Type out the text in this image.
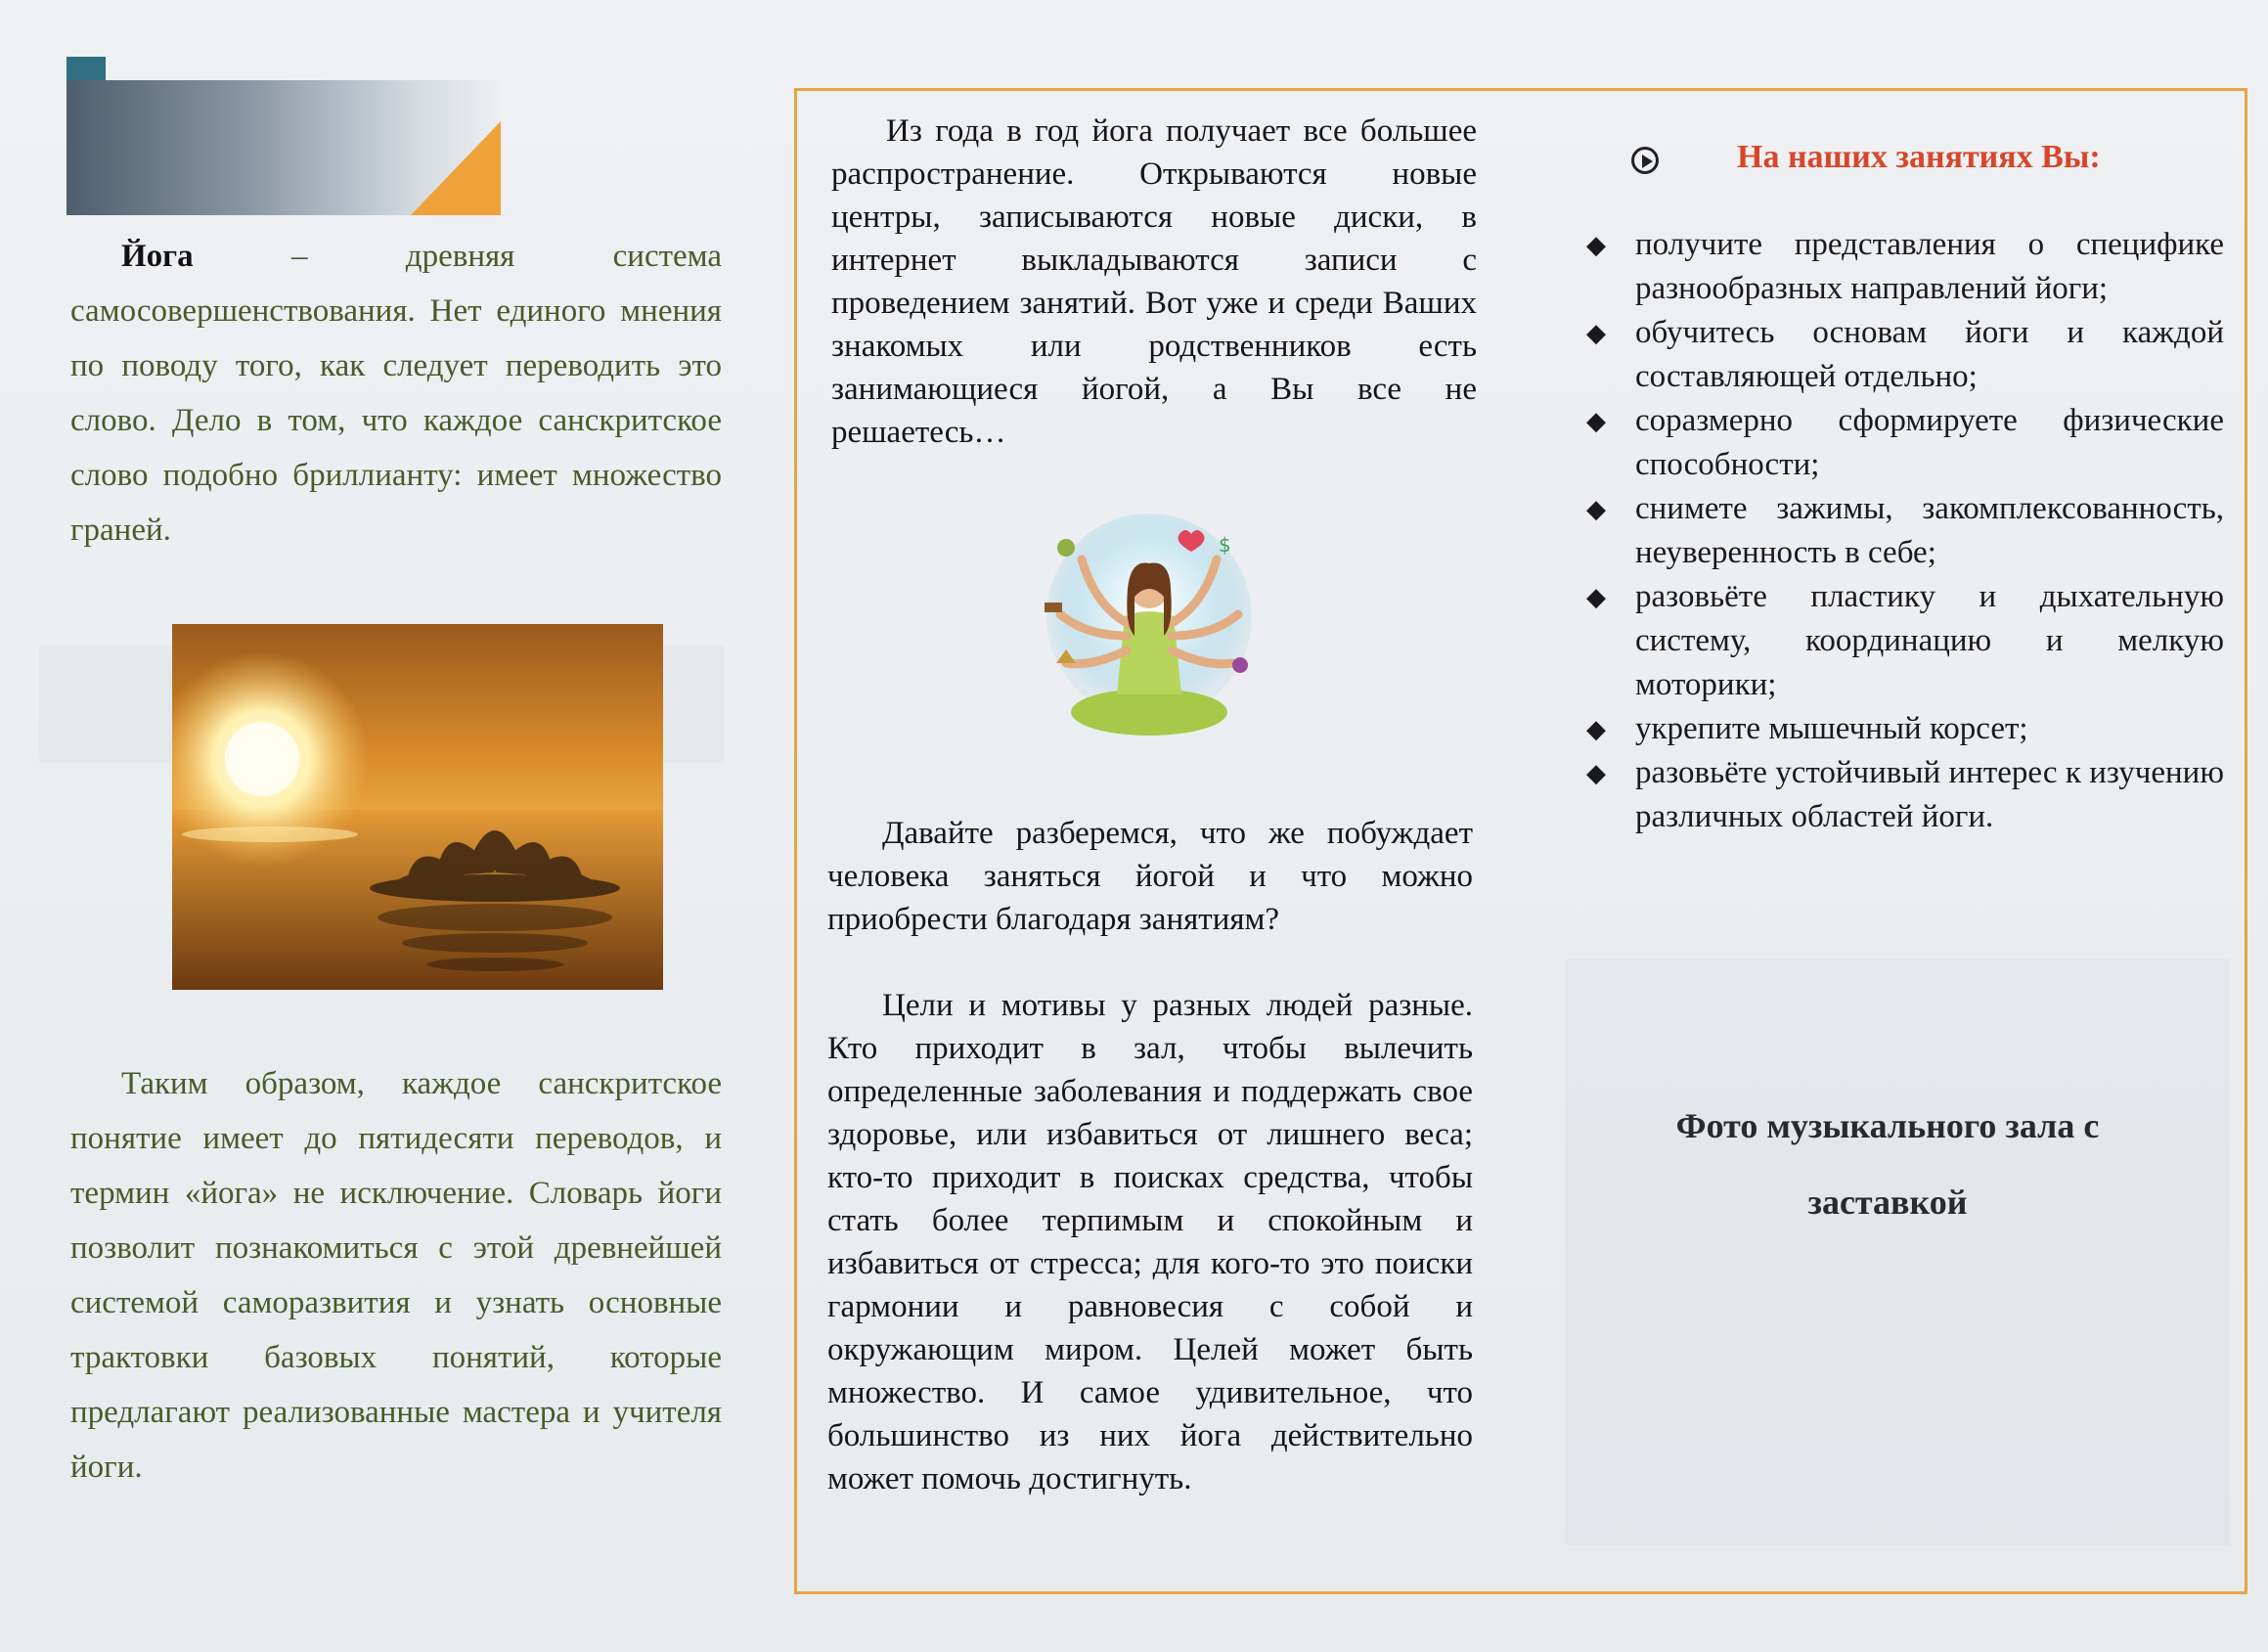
Йога – древняя система самосовершенствования. Нет единого мнения по поводу того, как следует переводить это слово. Дело в том, что каждое санскритское слово подобно бриллианту: имеет множество граней.

Таким образом, каждое санскритское понятие имеет до пятидесяти переводов, и термин «йога» не исключение. Словарь йоги позволит познакомиться с этой древнейшей системой саморазвития и узнать основные трактовки базовых понятий, которые предлагают реализованные мастера и учителя йоги.

Из года в год йога получает все большее распространение. Открываются новые центры, записываются новые диски, в интернет выкладываются записи с проведением занятий. Вот уже и среди Ваших знакомых или родственников есть занимающиеся йогой, а Вы все не решаетесь…

$

Давайте разберемся, что же побуждает человека заняться йогой и что можно приобрести благодаря занятиям?

Цели и мотивы у разных людей разные. Кто приходит в зал, чтобы вылечить определенные заболевания и поддержать свое здоровье, или избавиться от лишнего веса; кто-то приходит в поисках средства, чтобы стать более терпимым и спокойным и избавиться от стресса; для кого-то это поиски гармонии и равновесия с собой и окружающим миром. Целей может быть множество. И самое удивительное, что большинство из них йога действительно может помочь достигнуть.

На наших занятиях Вы:

◆ получите представления о специфике разнообразных направлений йоги;
◆ обучитесь основам йоги и каждой составляющей отдельно;
◆ соразмерно сформируете физические способности;
◆ снимете зажимы, закомплексованность, неуверенность в себе;
◆ разовьёте пластику и дыхательную систему, координацию и мелкую моторики;
◆ укрепите мышечный корсет;
◆ разовьёте устойчивый интерес к изучению различных областей йоги.

Фото музыкального зала с
заставкой
